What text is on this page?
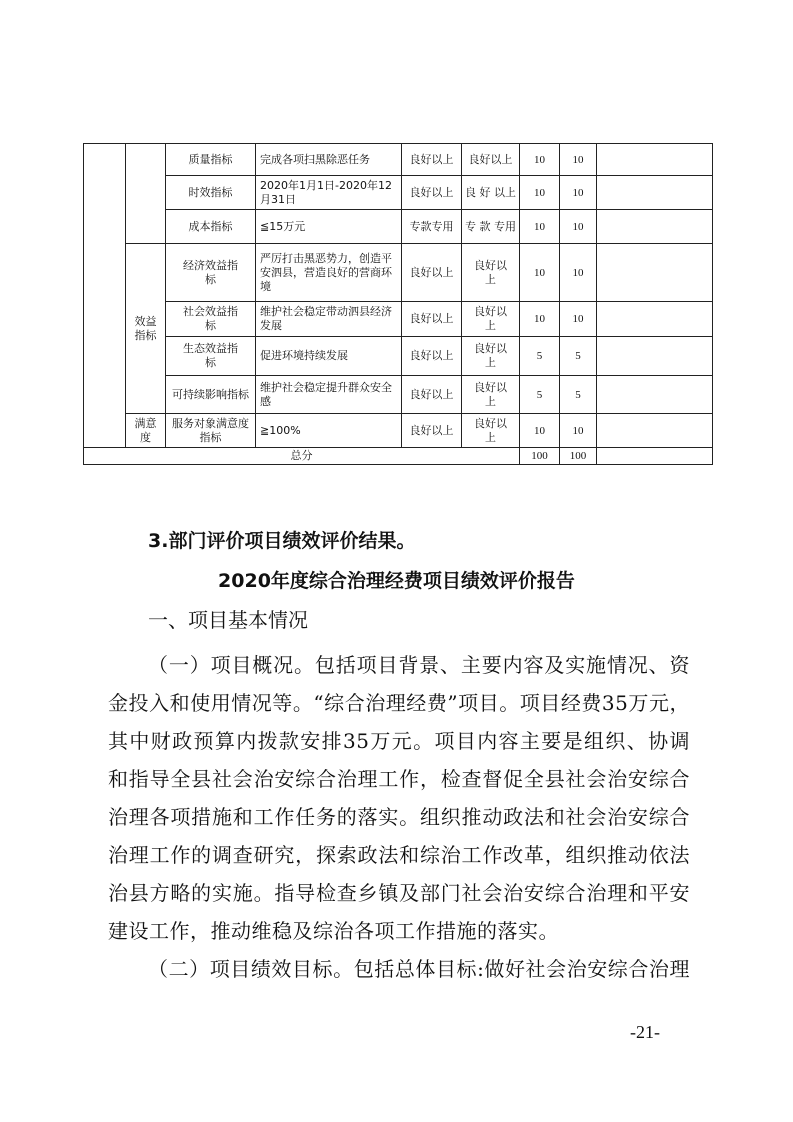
		质量指标	完成各项扫黑除恶任务	良好以上	良好以上	10	10	
		时效指标	2020年1月1日-2020年12月31日	良好以上	良 好 以上	10	10	
		成本指标	≦15万元	专款专用	专 款 专用	10	10	
	效益指标	经济效益指标	严厉打击黑恶势力，创造平安泗县，营造良好的营商环境	良好以上	良好以上	10	10	
		社会效益指标	维护社会稳定带动泗县经济发展	良好以上	良好以上	10	10	
		生态效益指标	促进环境持续发展	良好以上	良好以上	5	5	
		可持续影响指标	维护社会稳定提升群众安全感	良好以上	良好以上	5	5	
	满意度	服务对象满意度指标	≧100%	良好以上	良好以上	10	10	
总分						100	100	
3.部门评价项目绩效评价结果。
2020年度综合治理经费项目绩效评价报告
一、项目基本情况
（一）项目概况。包括项目背景、主要内容及实施情况、资
金投入和使用情况等。“综合治理经费”项目。项目经费35万元，
其中财政预算内拨款安排35万元。项目内容主要是组织、协调
和指导全县社会治安综合治理工作，检查督促全县社会治安综合
治理各项措施和工作任务的落实。组织推动政法和社会治安综合
治理工作的调查研究，探索政法和综治工作改革，组织推动依法
治县方略的实施。指导检查乡镇及部门社会治安综合治理和平安
建设工作，推动维稳及综治各项工作措施的落实。
（二）项目绩效目标。包括总体目标:做好社会治安综合治理
-21-
